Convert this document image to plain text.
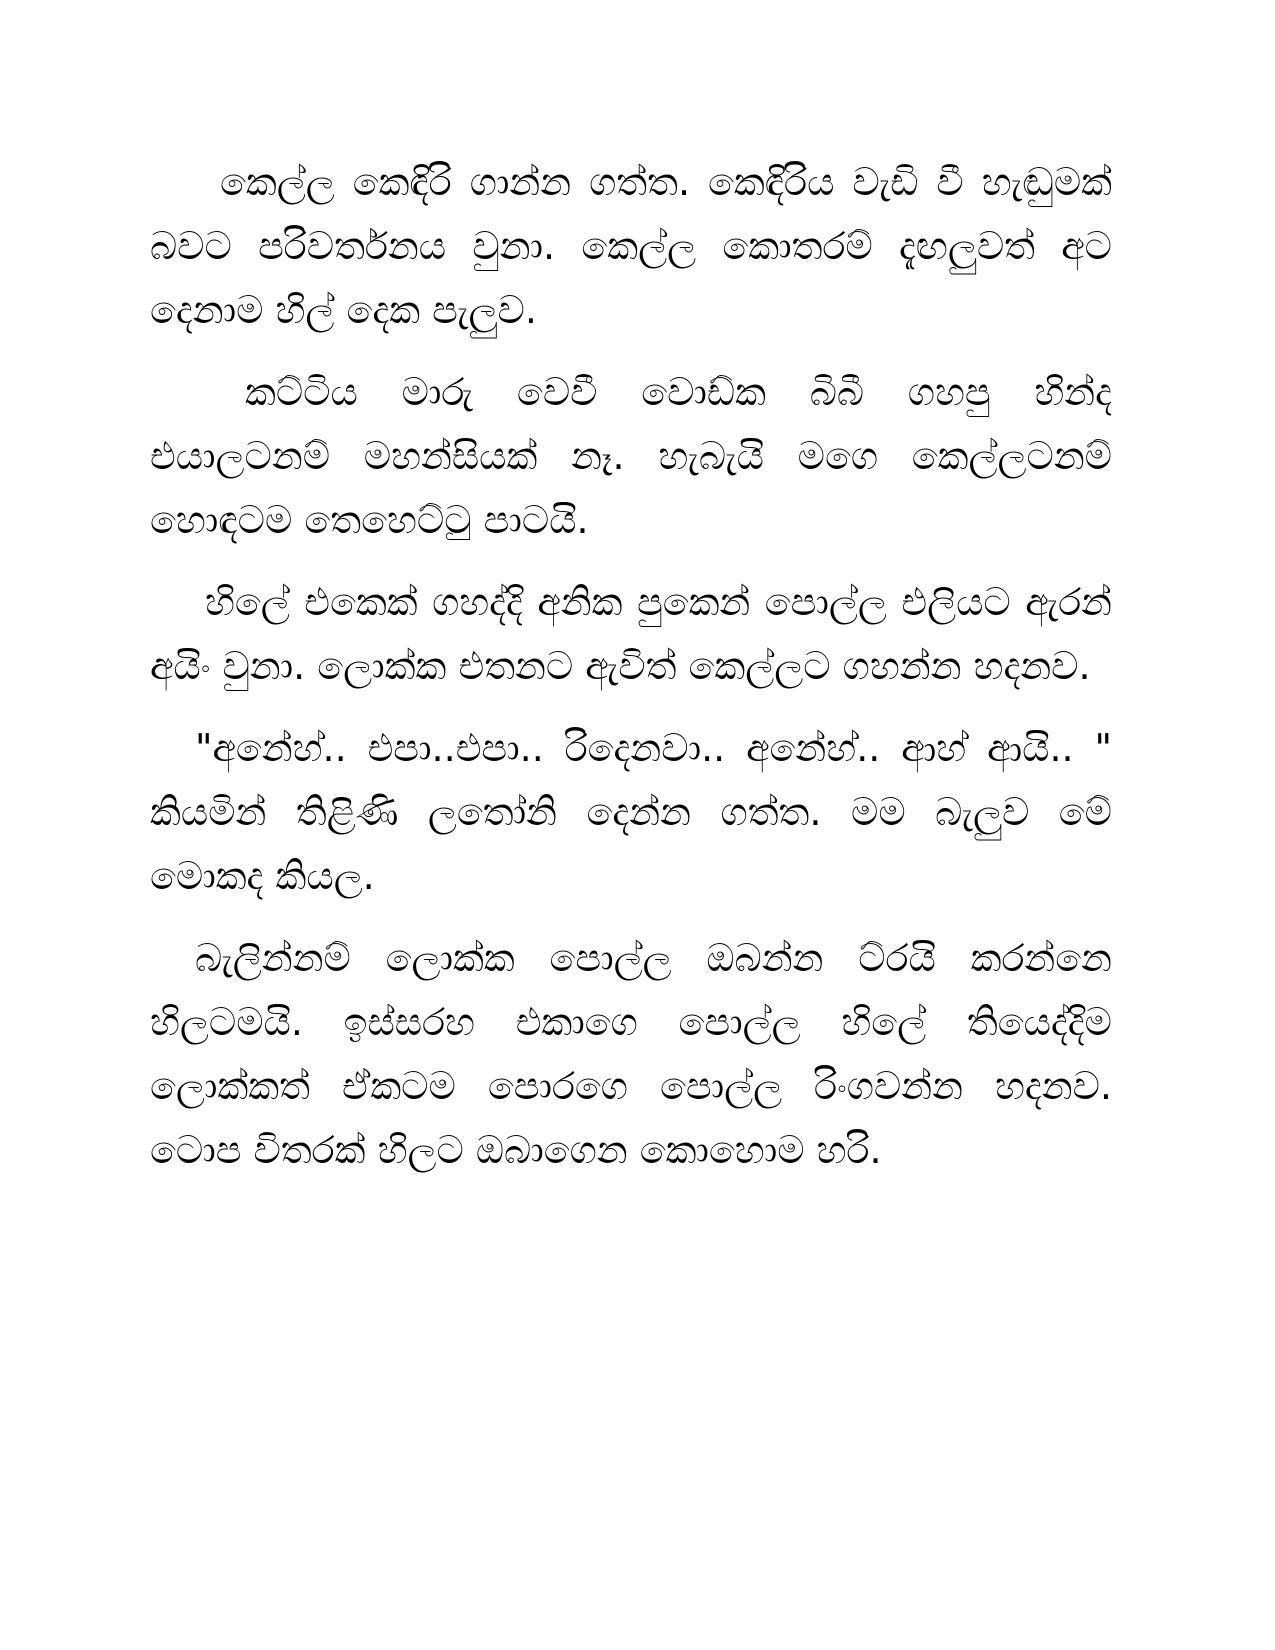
කෙල්ල කෙඳිරි ගාන්න ගත්ත. කෙඳිරිය වැඩි වී හැඬුමක් බවට පරිවර්තනය වුනා. කෙල්ල කොතරම් දැඟලුවත් අට දෙනාම හිල් දෙක පැලුව.

කට්ටිය මාරු වෙවී වොඩ්ක බිබී ගහපු හින්ද එයාලටනම් මහන්සියක් නෑ. හැබැයි මගෙ කෙල්ලටනම් හොඳටම තෙහෙට්ටු පාටයි.

හිලේ එකෙක් ගහද්දි අනික පුකෙන් පොල්ල එලියට ඇරන් අයිං වුනා. ලොක්ක එතනට ඇවිත් කෙල්ලට ගහන්න හදනව.

"අනේහ්.. එපා..එපා.. රිදෙනවා.. අනේහ්.. ආහ් ආයි.. " කියමින් තිළිණි ලතෝනි දෙන්න ගත්ත. මම බැලුව මේ මොකද කියල.

බැලින්නම් ලොක්ක පොල්ල ඔබන්න ට්රයි කරන්නෙ හිලටමයි. ඉස්සරහ එකාගෙ පොල්ල හිලේ තියෙද්දිම ලොක්කත් ඒකටම පොරගෙ පොල්ල රිංගවන්න හදනව. ටොප විතරක් හිලට ඔබාගෙන කොහොම හරි.
